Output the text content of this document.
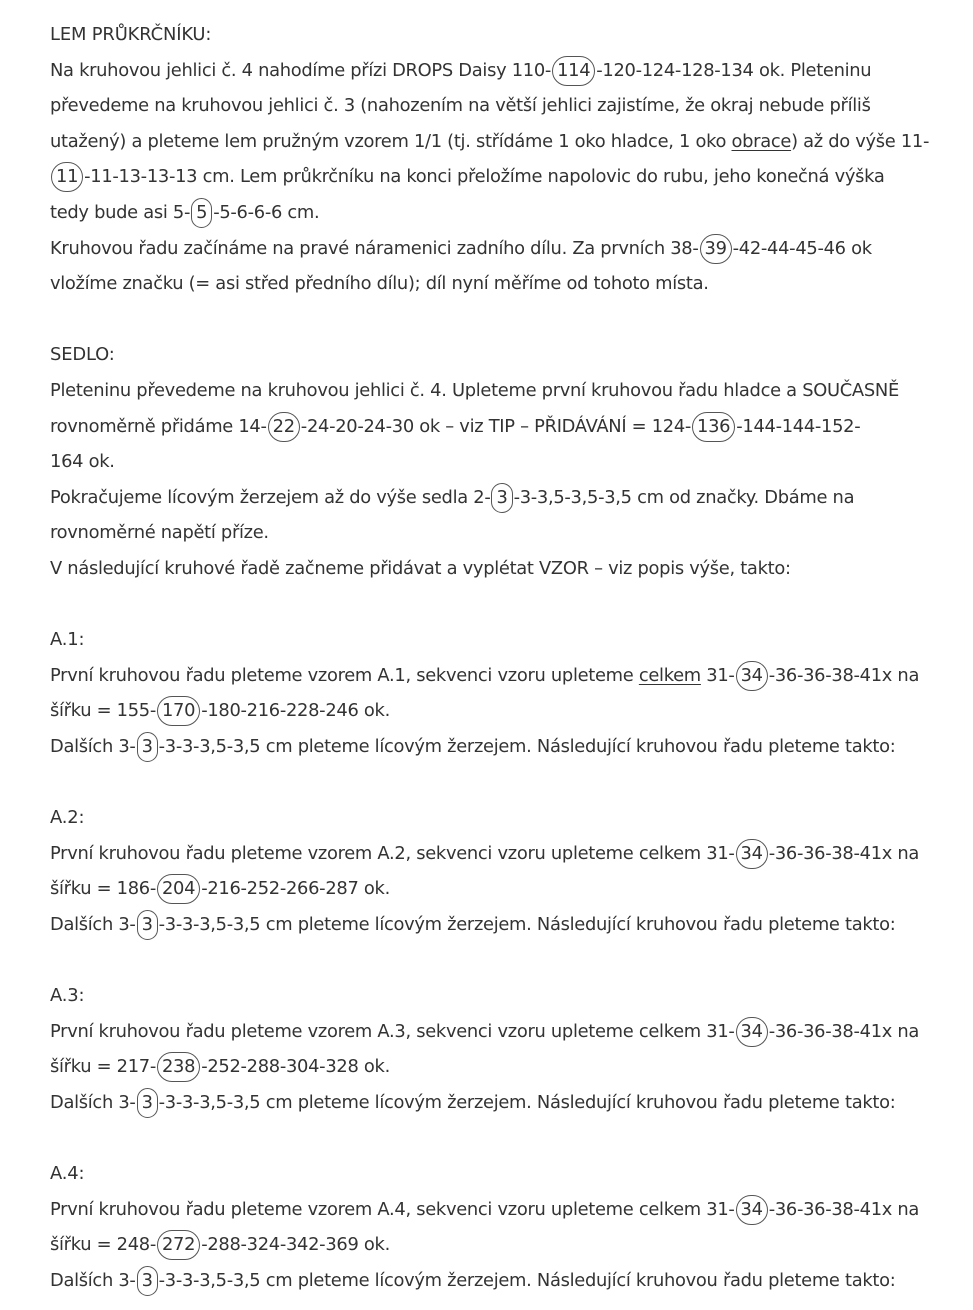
LEM PRŮKRČNÍKU:

Na kruhovou jehlici č. 4 nahodíme přízi DROPS Daisy 110- 114 -120-124-128-134 ok. Pleteninu

převedeme na kruhovou jehlici č. 3 (nahozením na větší jehlici zajistíme, že okraj nebude příliš

utažený) a pleteme lem pružným vzorem 1/1 (tj. střídáme 1 oko hladce, 1 oko obrace) až do výše 11-

11 -11-13-13-13 cm. Lem průkrčníku na konci přeložíme napolovic do rubu, jeho konečná výška

tedy bude asi 5- 5 -5-6-6-6 cm.

Kruhovou řadu začínáme na pravé náramenici zadního dílu. Za prvních 38- 39 -42-44-45-46 ok

vložíme značku (= asi střed předního dílu); díl nyní měříme od tohoto místa.

SEDLO:

Pleteninu převedeme na kruhovou jehlici č. 4. Upleteme první kruhovou řadu hladce a SOUČASNĚ

rovnoměrně přidáme 14- 22 -24-20-24-30 ok – viz TIP – PŘIDÁVÁNÍ = 124- 136 -144-144-152-

164 ok.

Pokračujeme lícovým žerzejem až do výše sedla 2- 3 -3-3,5-3,5-3,5 cm od značky. Dbáme na

rovnoměrné napětí příze.

V následující kruhové řadě začneme přidávat a vyplétat VZOR – viz popis výše, takto:

A.1:

První kruhovou řadu pleteme vzorem A.1, sekvenci vzoru upleteme celkem 31- 34 -36-36-38-41x na

šířku = 155- 170 -180-216-228-246 ok.

Dalších 3- 3 -3-3-3,5-3,5 cm pleteme lícovým žerzejem. Následující kruhovou řadu pleteme takto:

A.2:

První kruhovou řadu pleteme vzorem A.2, sekvenci vzoru upleteme celkem 31- 34 -36-36-38-41x na

šířku = 186- 204 -216-252-266-287 ok.

Dalších 3- 3 -3-3-3,5-3,5 cm pleteme lícovým žerzejem. Následující kruhovou řadu pleteme takto:

A.3:

První kruhovou řadu pleteme vzorem A.3, sekvenci vzoru upleteme celkem 31- 34 -36-36-38-41x na

šířku = 217- 238 -252-288-304-328 ok.

Dalších 3- 3 -3-3-3,5-3,5 cm pleteme lícovým žerzejem. Následující kruhovou řadu pleteme takto:

A.4:

První kruhovou řadu pleteme vzorem A.4, sekvenci vzoru upleteme celkem 31- 34 -36-36-38-41x na

šířku = 248- 272 -288-324-342-369 ok.

Dalších 3- 3 -3-3-3,5-3,5 cm pleteme lícovým žerzejem. Následující kruhovou řadu pleteme takto:
